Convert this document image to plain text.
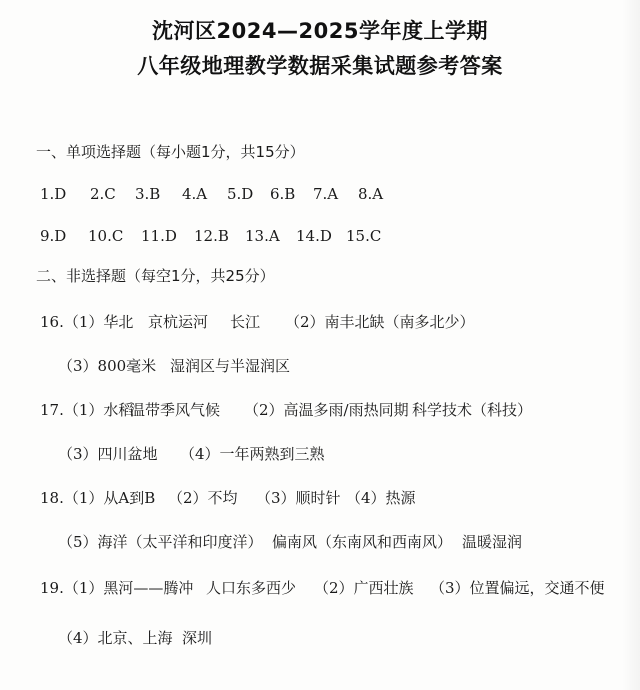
沈河区2024—2025学年度上学期
八年级地理教学数据采集试题参考答案
一、单项选择题（每小题1分，共15分）
1.D 2.C 3.B 4.A 5.D 6.B 7.A 8.A
9.D 10.C 11.D 12.B 13.A 14.D 15.C
二、非选择题（每空1分，共25分）
16.（1）华北 京杭运河 长江 （2）南丰北缺（南多北少）
（3）800毫米 湿润区与半湿润区
17.（1）水稻
温带季风气候 （2）高温多雨/雨热同期 科学技术（科技）
（3）四川盆地 （4）一年两熟到三熟
18.（1）从A到B （2）不均 （3）顺时针 （4）热源
（5）海洋（太平洋和印度洋） 偏南风（东南风和西南风） 温暖湿润
19.（1）黑河——腾冲 人口东多西少 （2）广西壮族 （3）位置偏远，交通不便
（4）北京、上海 深圳
